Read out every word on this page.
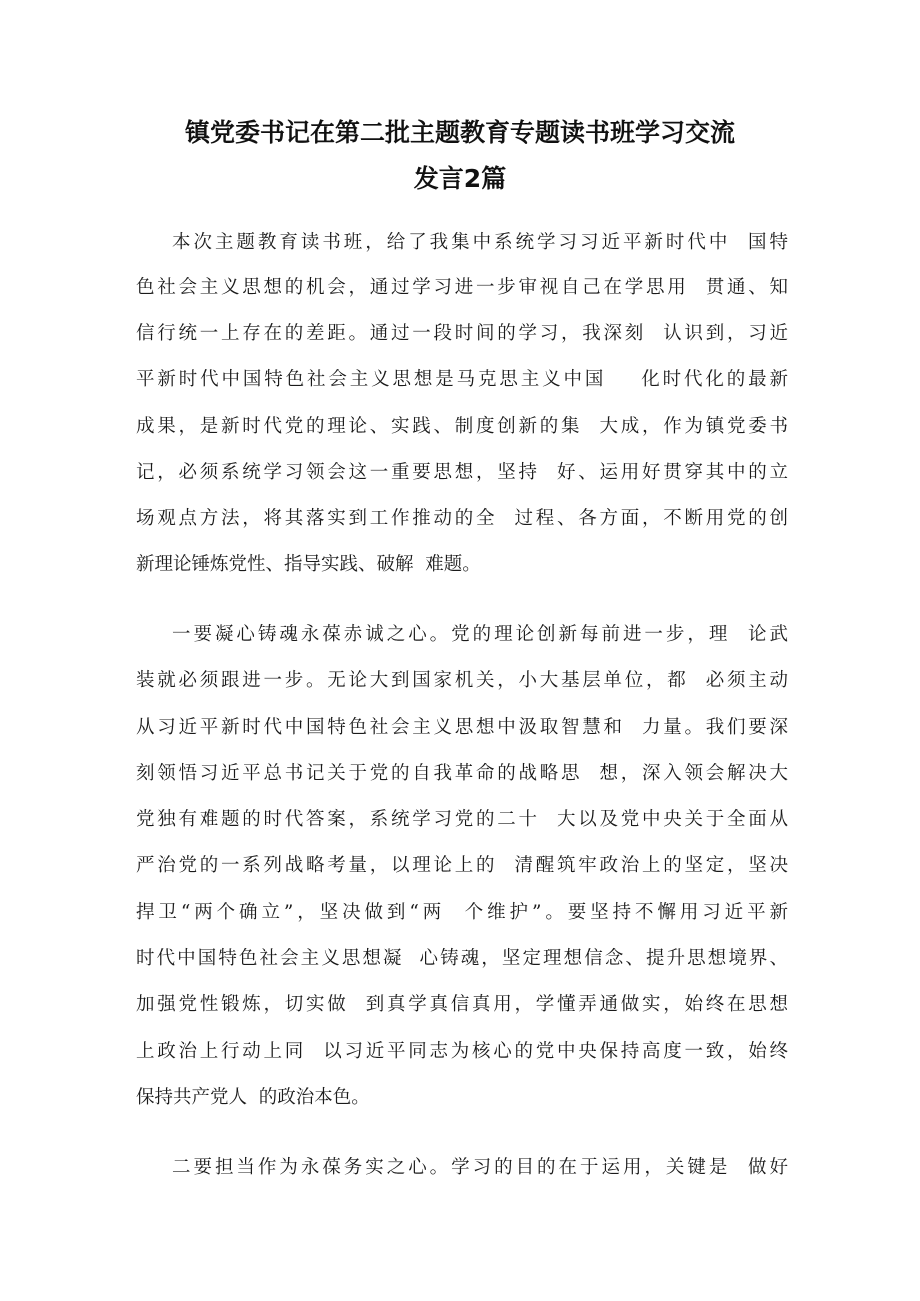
镇党委书记在第二批主题教育专题读书班学习交流
发言2篇
本次主题教育读书班，给了我集中系统学习习近平新时代中  国特
色社会主义思想的机会，通过学习进一步审视自己在学思用  贯通、知
信行统一上存在的差距。通过一段时间的学习，我深刻  认识到，习近
平新时代中国特色社会主义思想是马克思主义中国    化时代化的最新
成果，是新时代党的理论、实践、制度创新的集  大成，作为镇党委书
记，必须系统学习领会这一重要思想，坚持  好、运用好贯穿其中的立
场观点方法，将其落实到工作推动的全  过程、各方面，不断用党的创
新理论锤炼党性、指导实践、破解  难题。
一要凝心铸魂永葆赤诚之心。党的理论创新每前进一步，理  论武
装就必须跟进一步。无论大到国家机关，小大基层单位，都  必须主动
从习近平新时代中国特色社会主义思想中汲取智慧和  力量。我们要深
刻领悟习近平总书记关于党的自我革命的战略思  想，深入领会解决大
党独有难题的时代答案，系统学习党的二十  大以及党中央关于全面从
严治党的一系列战略考量，以理论上的  清醒筑牢政治上的坚定，坚决
捍卫“两个确立”，坚决做到“两  个维护”。要坚持不懈用习近平新
时代中国特色社会主义思想凝  心铸魂，坚定理想信念、提升思想境界、
加强党性锻炼，切实做  到真学真信真用，学懂弄通做实，始终在思想
上政治上行动上同  以习近平同志为核心的党中央保持高度一致，始终
保持共产党人  的政治本色。
二要担当作为永葆务实之心。学习的目的在于运用，关键是  做好
